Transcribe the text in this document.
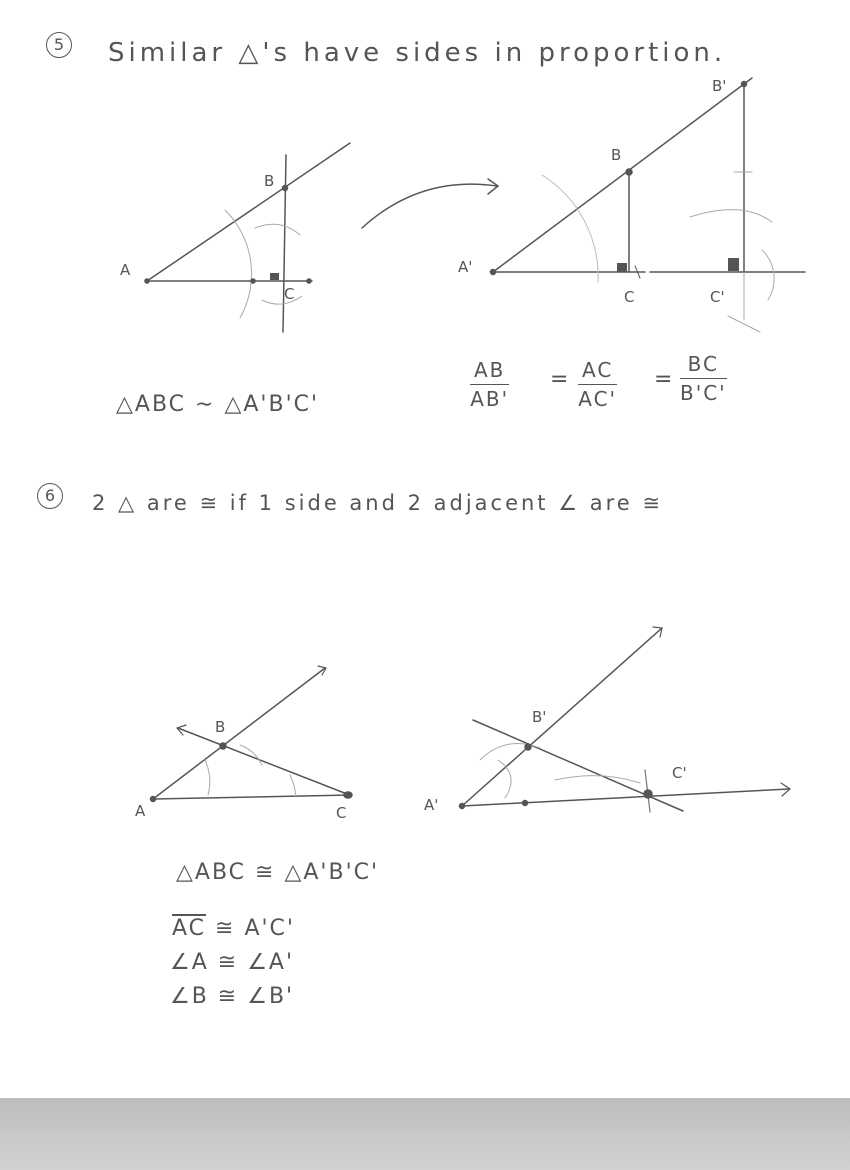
5	Similar △'s have sides in proportion.
A
B
C
A'
B
C
B'
C'
△ABC ∼ △A'B'C'	$\frac{AB}{AB'} = \frac{AC}{AC'} = \frac{BC}{B'C'}$
6	2 △ are ≅ if 1 side and 2 adjacent ∠ are ≅
A
B
C	A'
B'
C'
△ABC ≅ △A'B'C'
$\overline{AC}$ ≅ A'C'
∠A ≅ ∠A'
∠B ≅ ∠B'
